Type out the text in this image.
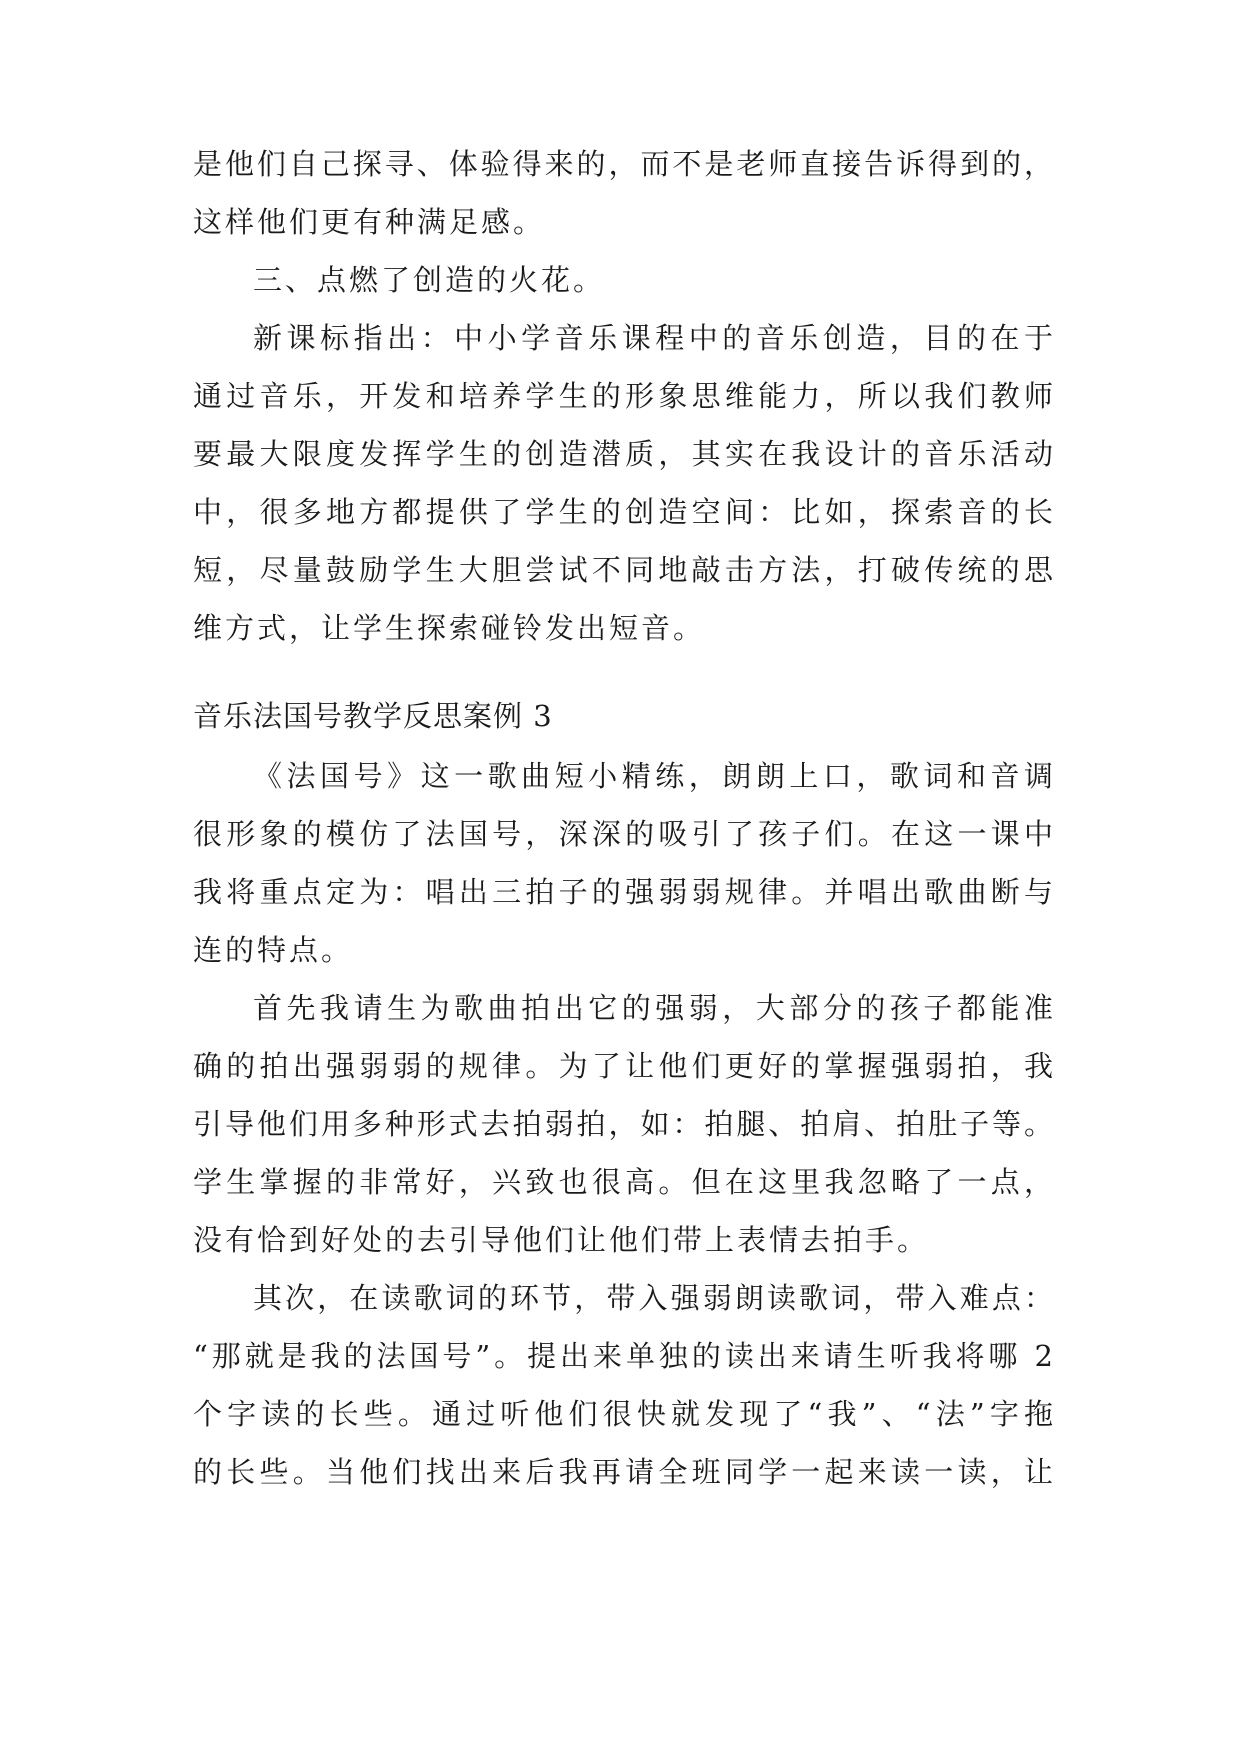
是他们自己探寻、体验得来的，而不是老师直接告诉得到的，
这样他们更有种满足感。
三、点燃了创造的火花。
新课标指出：中小学音乐课程中的音乐创造，目的在于
通过音乐，开发和培养学生的形象思维能力，所以我们教师
要最大限度发挥学生的创造潜质，其实在我设计的音乐活动
中，很多地方都提供了学生的创造空间：比如，探索音的长
短，尽量鼓励学生大胆尝试不同地敲击方法，打破传统的思
维方式，让学生探索碰铃发出短音。
音乐法国号教学反思案例 3
《法国号》这一歌曲短小精练，朗朗上口，歌词和音调
很形象的模仿了法国号，深深的吸引了孩子们。在这一课中
我将重点定为：唱出三拍子的强弱弱规律。并唱出歌曲断与
连的特点。
首先我请生为歌曲拍出它的强弱，大部分的孩子都能准
确的拍出强弱弱的规律。为了让他们更好的掌握强弱拍，我
引导他们用多种形式去拍弱拍，如：拍腿、拍肩、拍肚子等。
学生掌握的非常好，兴致也很高。但在这里我忽略了一点，
没有恰到好处的去引导他们让他们带上表情去拍手。
其次，在读歌词的环节，带入强弱朗读歌词，带入难点：
“那就是我的法国号”。提出来单独的读出来请生听我将哪 2
个字读的长些。通过听他们很快就发现了“我”、“法”字拖
的长些。当他们找出来后我再请全班同学一起来读一读，让
